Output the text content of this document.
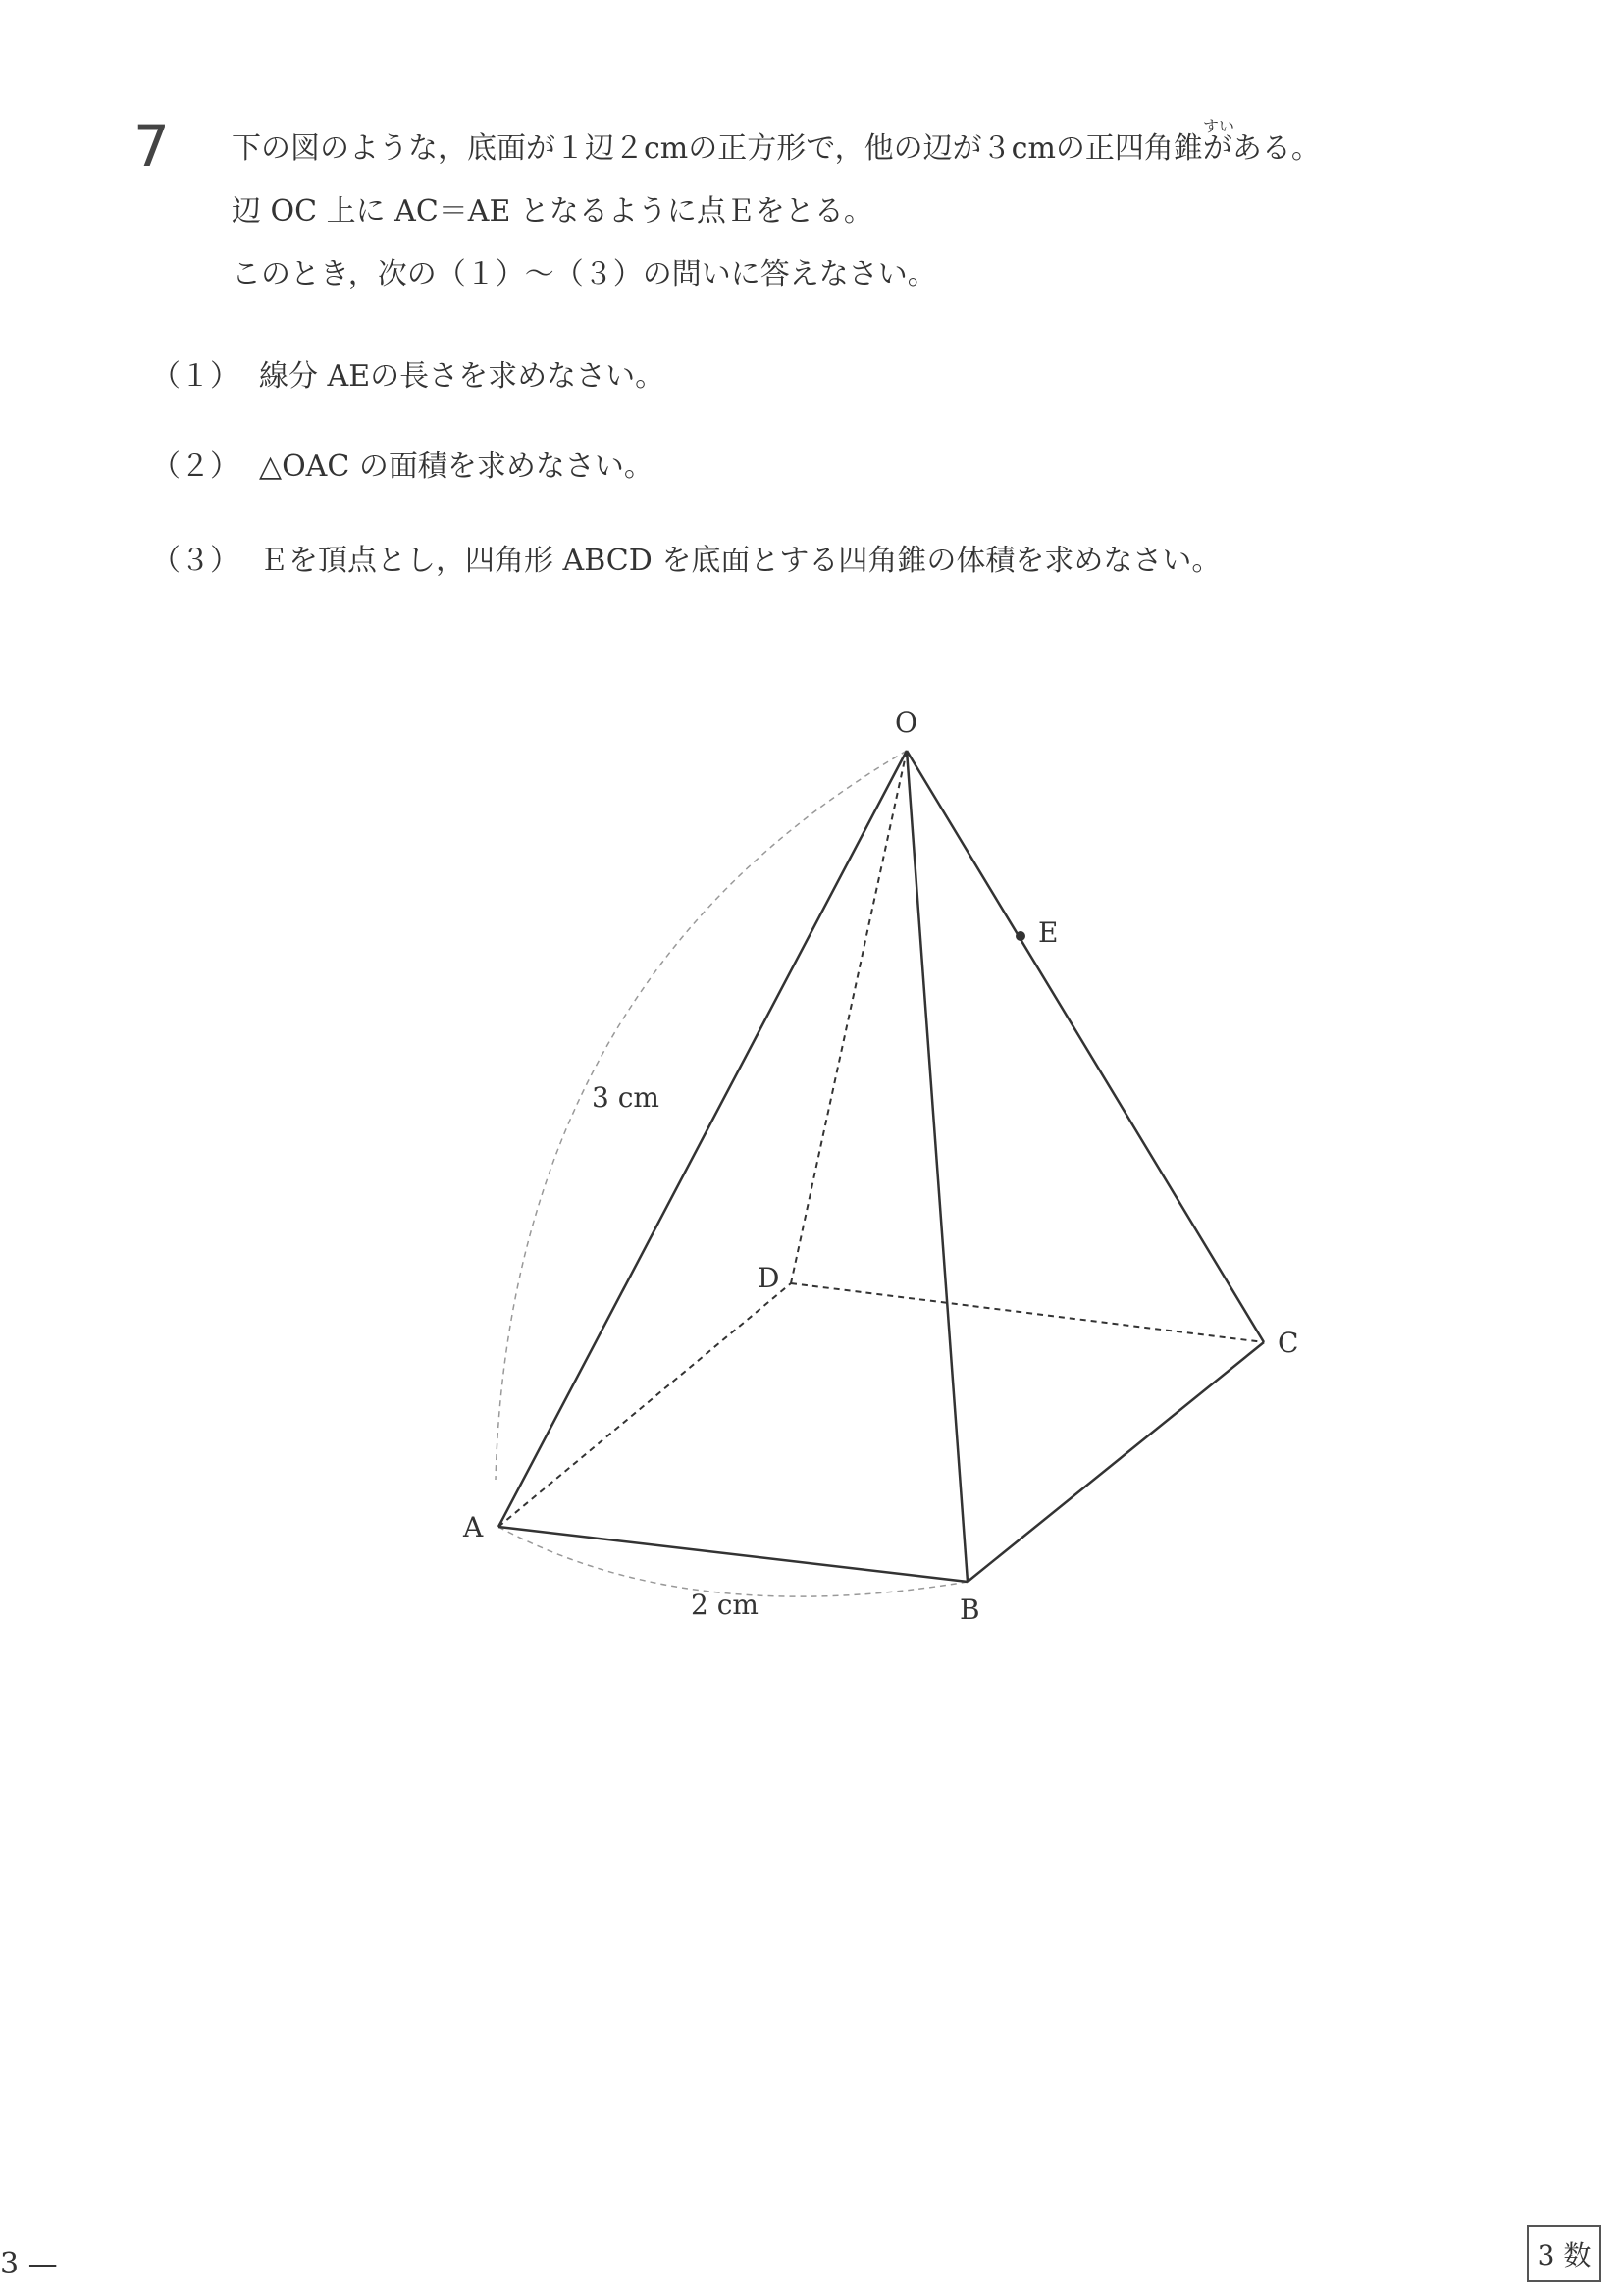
7	すい
下の図のような，底面が１辺２cmの正方形で，他の辺が３cmの正四角錐がある。
辺 OC 上に AC＝AE となるように点Ｅをとる。
このとき，次の（１）～（３）の問いに答えなさい。
（１） 線分 AEの長さを求めなさい。
（２） △OAC の面積を求めなさい。
（３） Ｅを頂点とし，四角形 ABCD を底面とする四角錐の体積を求めなさい。
O
E
D
C
A
B
3 cm
2 cm
3 —	3 数
